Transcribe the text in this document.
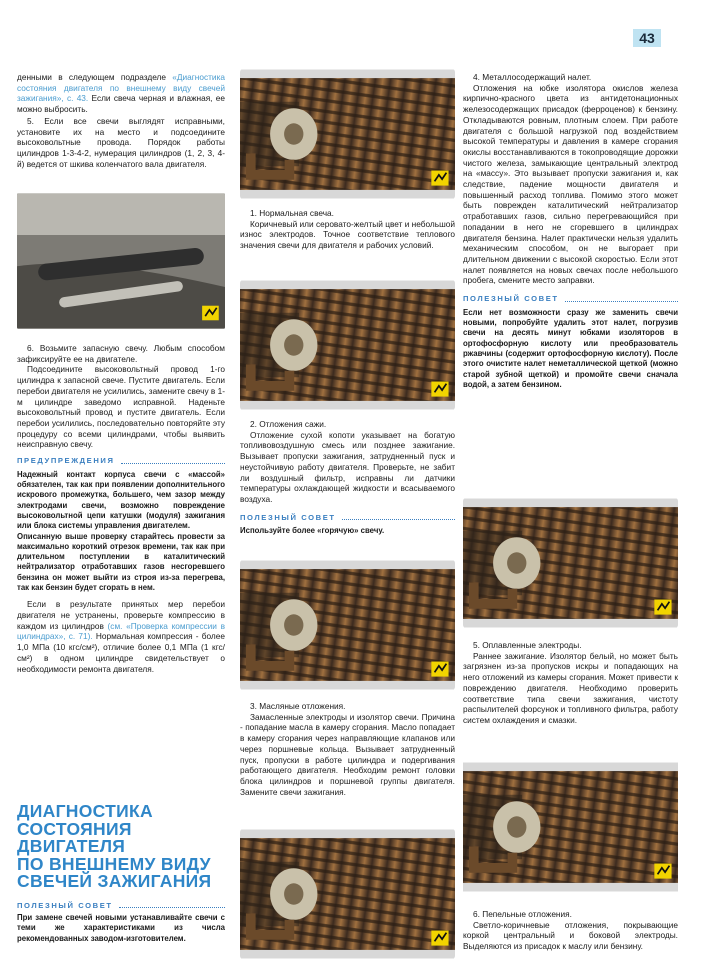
43

денными в следующем подразделе «Диагностика состояния двигателя по внешнему виду свечей зажигания», с. 43. Если свеча черная и влажная, ее можно выбросить.

5. Если все свечи выглядят исправными, установите их на место и подсоедините высоковольтные провода. Порядок работы цилиндров 1-3-4-2, нумерация цилиндров (1, 2, 3, 4-й) ведется от шкива коленчатого вала двигателя.

6. Возьмите запасную свечу. Любым способом зафиксируйте ее на двигателе.

Подсоедините высоковольтный провод 1-го цилиндра к запасной свече. Пустите двигатель. Если перебои двигателя не усилились, замените свечу в 1-м цилиндре заведомо исправной. Наденьте высоковольтный провод и пустите двигатель. Если перебои усилились, последовательно повторяйте эту процедуру со всеми цилиндрами, чтобы выявить неисправную свечу.

ПРЕДУПРЕЖДЕНИЯ

Надежный контакт корпуса свечи с «массой» обязателен, так как при появлении дополнительного искрового промежутка, большего, чем зазор между электродами свечи, возможно повреждение высоковольтной цепи катушки (модуля) зажигания или блока системы управления двигателем.

Описанную выше проверку старайтесь провести за максимально короткий отрезок времени, так как при длительном поступлении в каталитический нейтрализатор отработавших газов несгоревшего бензина он может выйти из строя из-за перегрева, так как бензин будет сгорать в нем.

Если в результате принятых мер перебои двигателя не устранены, проверьте компрессию в каждом из цилиндров (см. «Проверка компрессии в цилиндрах», с. 71). Нормальная компрессия - более 1,0 МПа (10 кгс/см²), отличие более 0,1 МПа (1 кгс/см²) в одном цилиндре свидетельствует о необходимости ремонта двигателя.

ДИАГНОСТИКА
СОСТОЯНИЯ
ДВИГАТЕЛЯ
ПО ВНЕШНЕМУ ВИДУ
СВЕЧЕЙ ЗАЖИГАНИЯ
ПОЛЕЗНЫЙ СОВЕТ
При замене свечей новыми устанавливайте свечи с теми же характеристиками из числа рекомендованных заводом-изготовителем.

1. Нормальная свеча.

Коричневый или серовато-желтый цвет и небольшой износ электродов. Точное соответствие теплового значения свечи для двигателя и рабочих условий.

2. Отложения сажи.

Отложение сухой копоти указывает на богатую топливовоздушную смесь или позднее зажигание. Вызывает пропуски зажигания, затрудненный пуск и неустойчивую работу двигателя. Проверьте, не забит ли воздушный фильтр, исправны ли датчики температуры охлаждающей жидкости и всасываемого воздуха.

ПОЛЕЗНЫЙ СОВЕТ
Используйте более «горячую» свечу.

3. Масляные отложения.

Замасленные электроды и изолятор свечи. Причина - попадание масла в камеру сгорания. Масло попадает в камеру сгорания через направляющие клапанов или через поршневые кольца. Вызывает затрудненный пуск, пропуски в работе цилиндра и подергивания работающего двигателя. Необходим ремонт головки блока цилиндров и поршневой группы двигателя. Замените свечи зажигания.

4. Металлосодержащий налет.

Отложения на юбке изолятора окислов железа кирпично-красного цвета из антидетонационных железосодержащих присадок (ферроценов) к бензину. Откладываются ровным, плотным слоем. При работе двигателя с большой нагрузкой под воздействием высокой температуры и давления в камере сгорания окислы восстанавливаются в токопроводящие дорожки чистого железа, замыкающие центральный электрод на «массу». Это вызывает пропуски зажигания и, как следствие, падение мощности двигателя и повышенный расход топлива. Помимо этого может быть поврежден каталитический нейтрализатор отработавших газов, сильно перегревающийся при попадании в него не сгоревшего в цилиндрах двигателя бензина. Налет практически нельзя удалить механическим способом, он не выгорает при длительном движении с высокой скоростью. Если этот налет появляется на новых свечах после небольшого пробега, смените место заправки.

ПОЛЕЗНЫЙ СОВЕТ
Если нет возможности сразу же заменить свечи новыми, попробуйте удалить этот налет, погрузив свечи на десять минут юбками изоляторов в ортофосфорную кислоту или преобразователь ржавчины (содержит ортофосфорную кислоту). После этого очистите налет неметаллической щеткой (можно старой зубной щеткой) и промойте свечи сначала водой, а затем бензином.

5. Оплавленные электроды.

Раннее зажигание. Изолятор белый, но может быть загрязнен из-за пропусков искры и попадающих на него отложений из камеры сгорания. Может привести к повреждению двигателя. Необходимо проверить соответствие типа свечи зажигания, чистоту распылителей форсунок и топливного фильтра, работу систем охлаждения и смазки.

6. Пепельные отложения.

Светло-коричневые отложения, покрывающие коркой центральный и боковой электроды. Выделяются из присадок к маслу или бензину.
